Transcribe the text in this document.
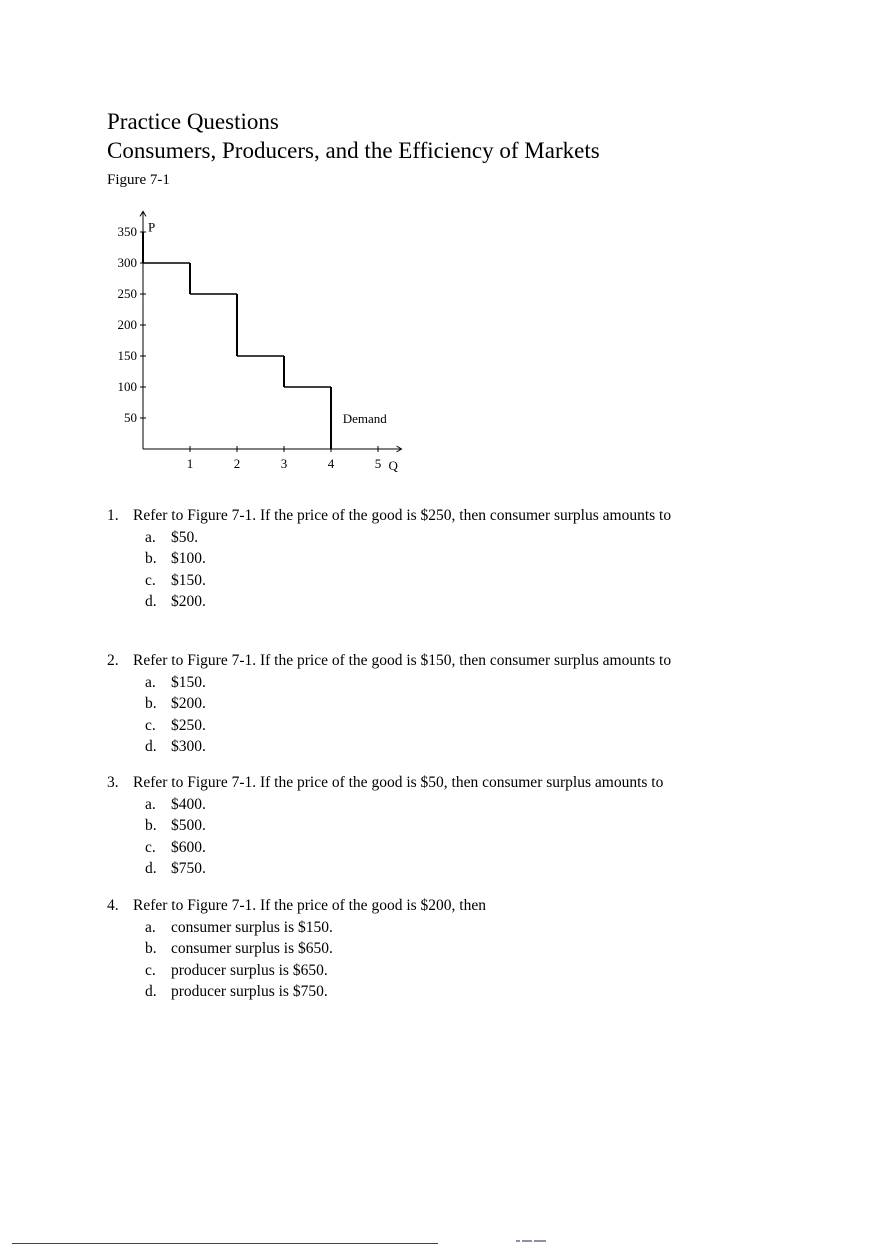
Practice Questions
Consumers, Producers, and the Efficiency of Markets
Figure 7-1
Q
P
1	2	3	4	5
50
100
150
200
250
300
350
Demand
1. Refer to Figure 7-1. If the price of the good is $250, then consumer surplus amounts to
a. $50.
b. $100.
c. $150.
d. $200.
2. Refer to Figure 7-1. If the price of the good is $150, then consumer surplus amounts to
a. $150.
b. $200.
c. $250.
d. $300.
3. Refer to Figure 7-1. If the price of the good is $50, then consumer surplus amounts to
a. $400.
b. $500.
c. $600.
d. $750.
4. Refer to Figure 7-1. If the price of the good is $200, then
a. consumer surplus is $150.
b. consumer surplus is $650.
c. producer surplus is $650.
d. producer surplus is $750.
